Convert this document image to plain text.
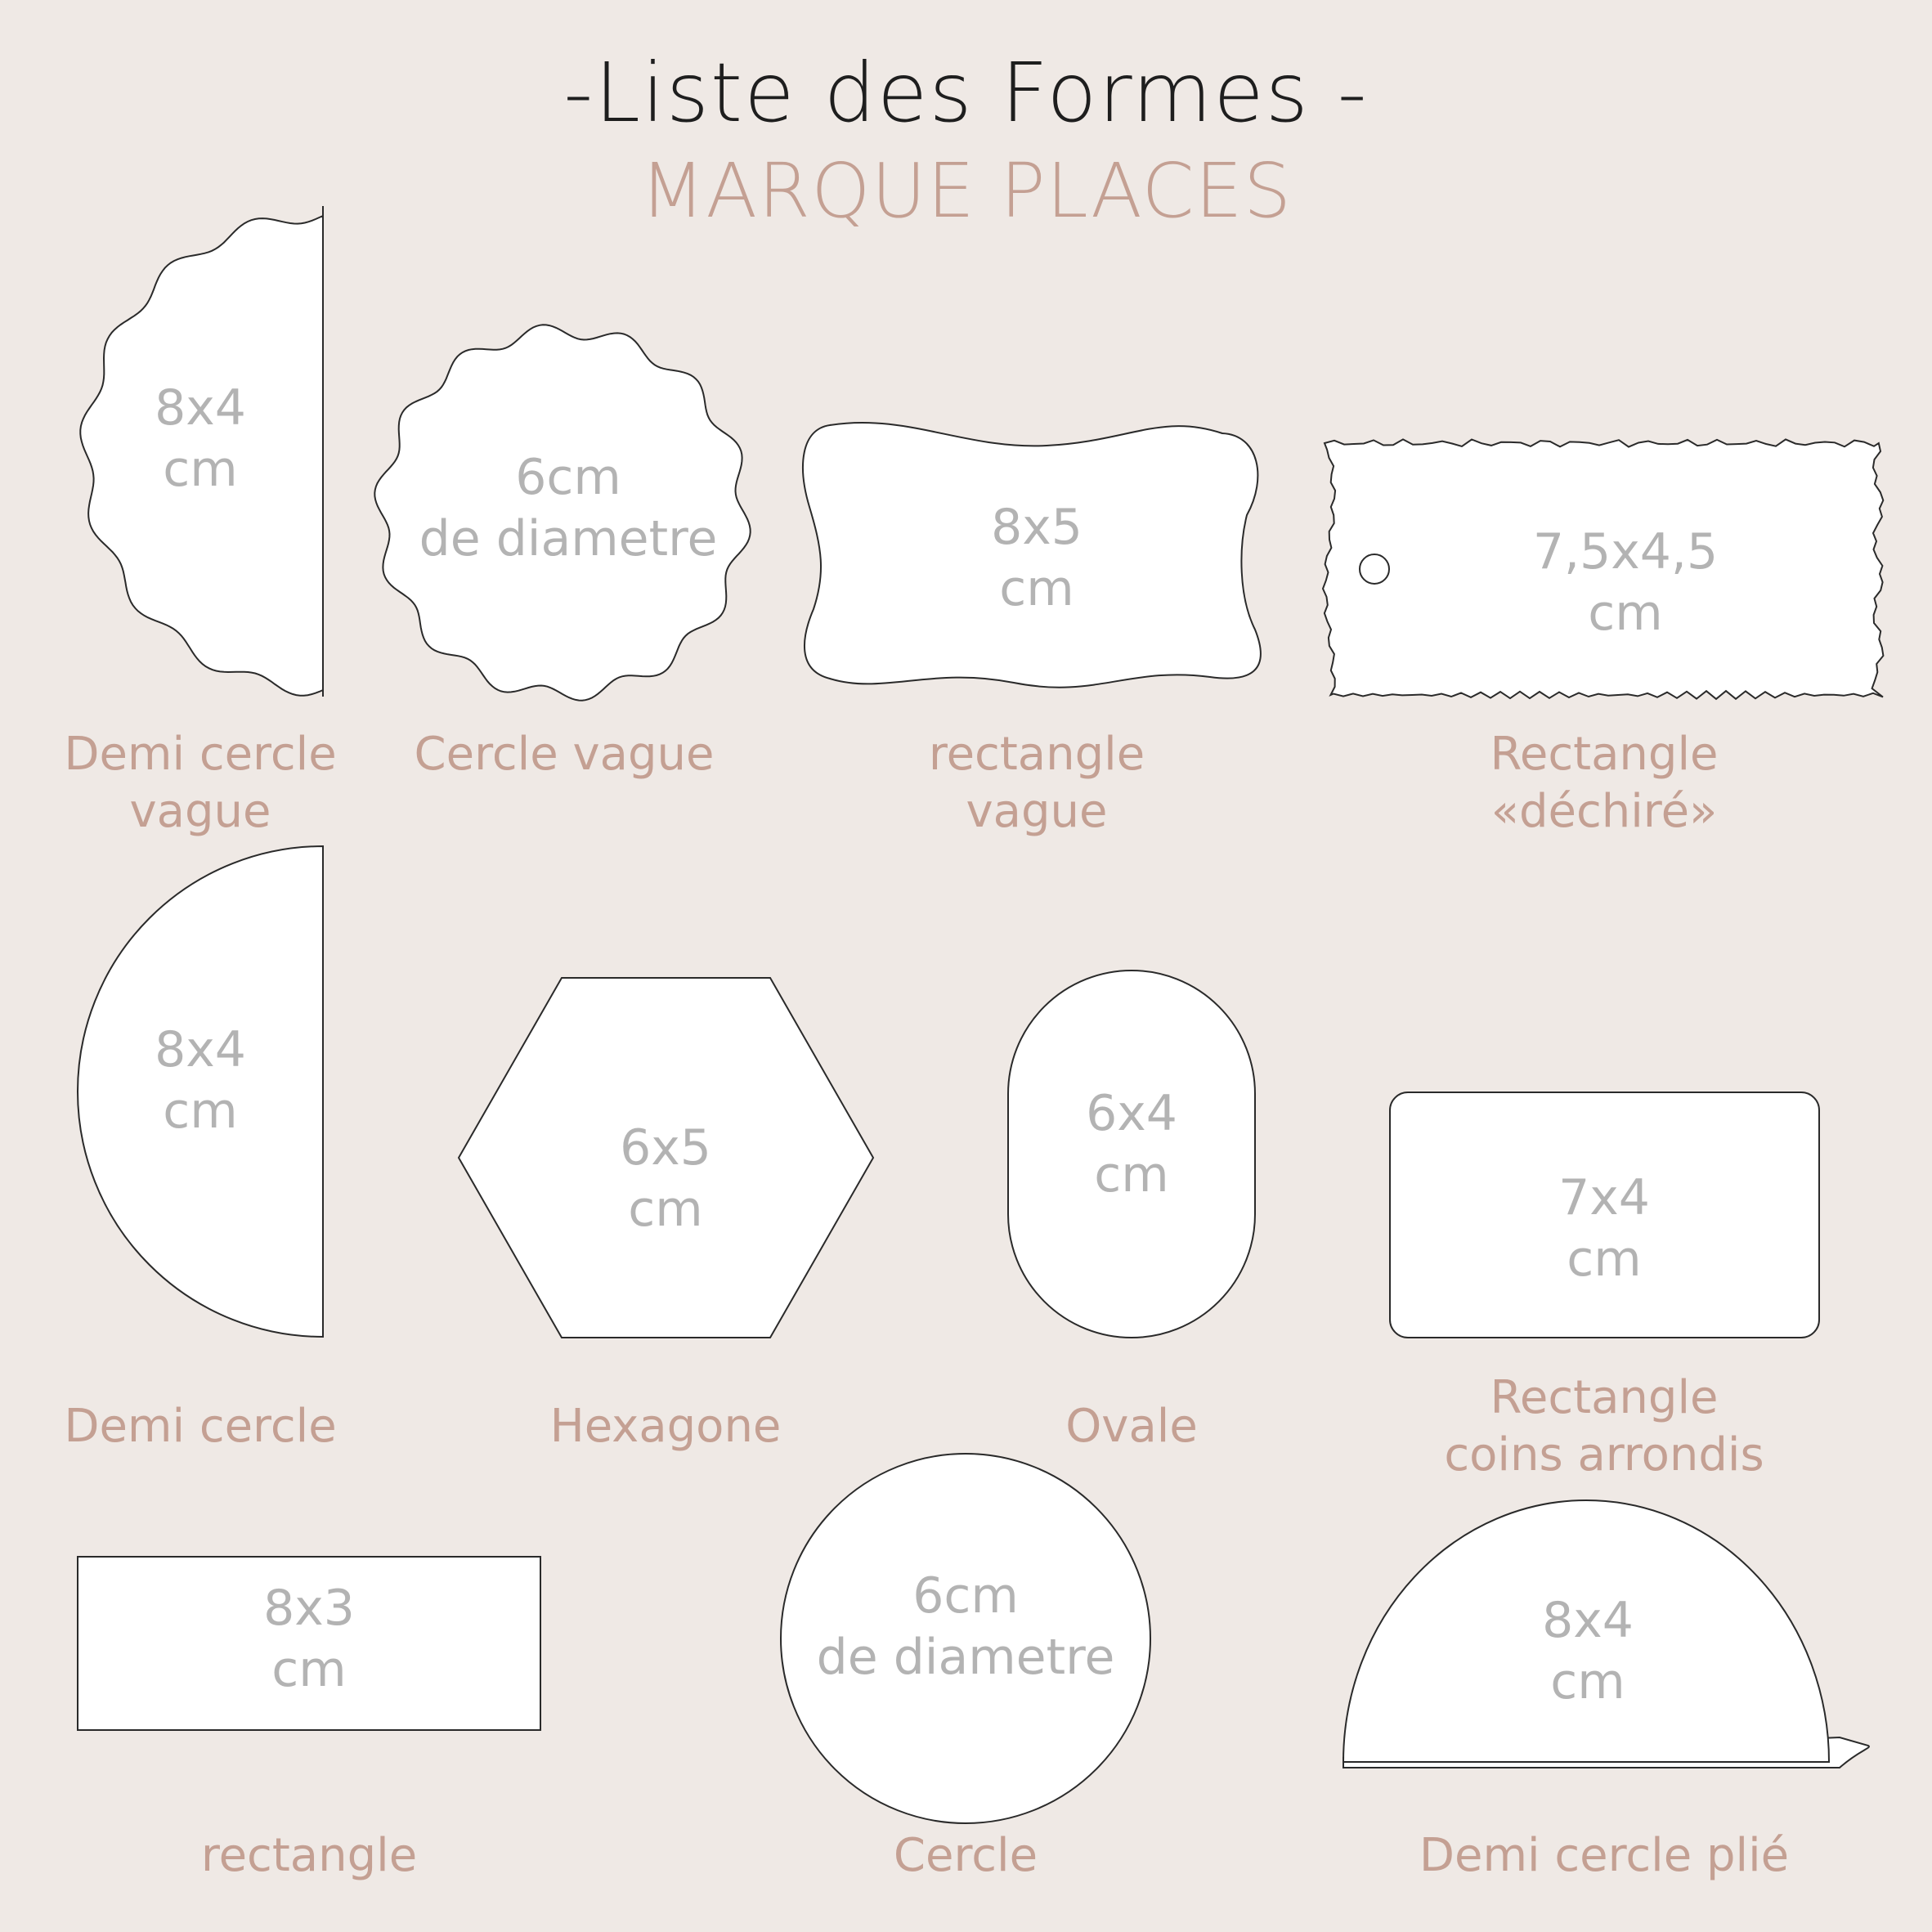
-Liste des Formes -
MARQUE PLACES
8x4
cm	6cm
de diametre	8x5
cm
7,5x4,5
cm
8x4
cm
6x5
cm
6x4
cm	7x4
cm
8x3
cm
6cm
de diametre
8x4
cm
Demi cercle
vague
Cercle vague	rectangle
vague
Rectangle
«déchiré»
Demi cercle	Hexagone	Ovale
Rectangle
coins arrondis
rectangle	Cercle	Demi cercle plié
